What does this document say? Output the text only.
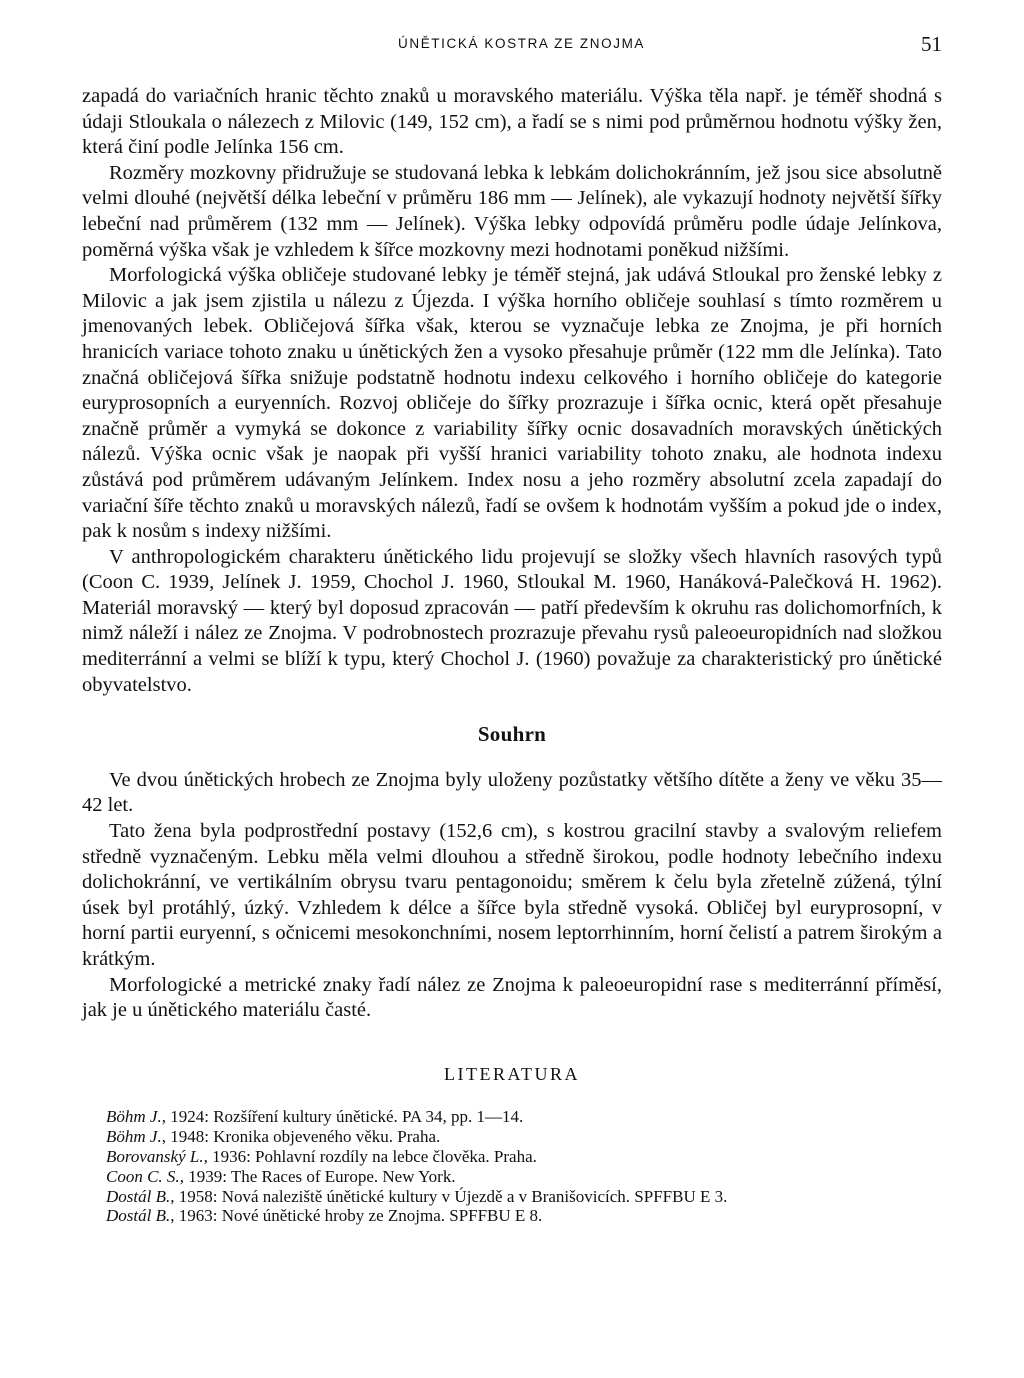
ÚNĚTICKÁ KOSTRA ZE ZNOJMA	51

zapadá do variačních hranic těchto znaků u moravského materiálu. Výška těla např. je téměř shodná s údaji Stloukala o nálezech z Milovic (149, 152 cm), a řadí se s nimi pod průměrnou hodnotu výšky žen, která činí podle Jelínka 156 cm.

Rozměry mozkovny přidružuje se studovaná lebka k lebkám dolichokránním, jež jsou sice absolutně velmi dlouhé (největší délka lebeční v průměru 186 mm — Jelínek), ale vykazují hodnoty největší šířky lebeční nad průměrem (132 mm — Jelínek). Výška lebky odpovídá průměru podle údaje Jelínkova, poměrná výška však je vzhledem k šířce mozkovny mezi hodnotami poněkud nižšími.

Morfologická výška obličeje studované lebky je téměř stejná, jak udává Stloukal pro ženské lebky z Milovic a jak jsem zjistila u nálezu z Újezda. I výška horního obličeje souhlasí s tímto rozměrem u jmenovaných lebek. Obličejová šířka však, kterou se vyznačuje lebka ze Znojma, je při horních hranicích variace tohoto znaku u únětických žen a vysoko přesahuje průměr (122 mm dle Jelínka). Tato značná obličejová šířka snižuje podstatně hodnotu indexu celkového i horního obličeje do kategorie euryprosopních a euryenních. Rozvoj obličeje do šířky prozrazuje i šířka ocnic, která opět přesahuje značně průměr a vymyká se dokonce z variability šířky ocnic dosavadních moravských únětických nálezů. Výška ocnic však je naopak při vyšší hranici variability tohoto znaku, ale hodnota indexu zůstává pod průměrem udávaným Jelínkem. Index nosu a jeho rozměry absolutní zcela zapadají do variační šíře těchto znaků u moravských nálezů, řadí se ovšem k hodnotám vyšším a pokud jde o index, pak k nosům s indexy nižšími.

V anthropologickém charakteru únětického lidu projevují se složky všech hlavních rasových typů (Coon C. 1939, Jelínek J. 1959, Chochol J. 1960, Stloukal M. 1960, Hanáková-Palečková H. 1962). Materiál moravský — který byl doposud zpracován — patří především k okruhu ras dolichomorfních, k nimž náleží i nález ze Znojma. V podrobnostech prozrazuje převahu rysů paleoeuropidních nad složkou mediterránní a velmi se blíží k typu, který Chochol J. (1960) považuje za charakteristický pro únětické obyvatelstvo.

Souhrn

Ve dvou únětických hrobech ze Znojma byly uloženy pozůstatky většího dítěte a ženy ve věku 35—42 let.

Tato žena byla podprostřední postavy (152,6 cm), s kostrou gracilní stavby a svalovým reliefem středně vyznačeným. Lebku měla velmi dlouhou a středně širokou, podle hodnoty lebečního indexu dolichokránní, ve vertikálním obrysu tvaru pentagonoidu; směrem k čelu byla zřetelně zúžená, týlní úsek byl protáhlý, úzký. Vzhledem k délce a šířce byla středně vysoká. Obličej byl euryprosopní, v horní partii euryenní, s očnicemi mesokonchními, nosem leptorrhinním, horní čelistí a patrem širokým a krátkým.

Morfologické a metrické znaky řadí nález ze Znojma k paleoeuropidní rase s mediterránní příměsí, jak je u únětického materiálu časté.

LITERATURA
Böhm J., 1924: Rozšíření kultury únětické. PA 34, pp. 1—14.
Böhm J., 1948: Kronika objeveného věku. Praha.
Borovanský L., 1936: Pohlavní rozdíly na lebce člověka. Praha.
Coon C. S., 1939: The Races of Europe. New York.
Dostál B., 1958: Nová naleziště únětické kultury v Újezdě a v Branišovicích. SPFFBU E 3.
Dostál B., 1963: Nové únětické hroby ze Znojma. SPFFBU E 8.
